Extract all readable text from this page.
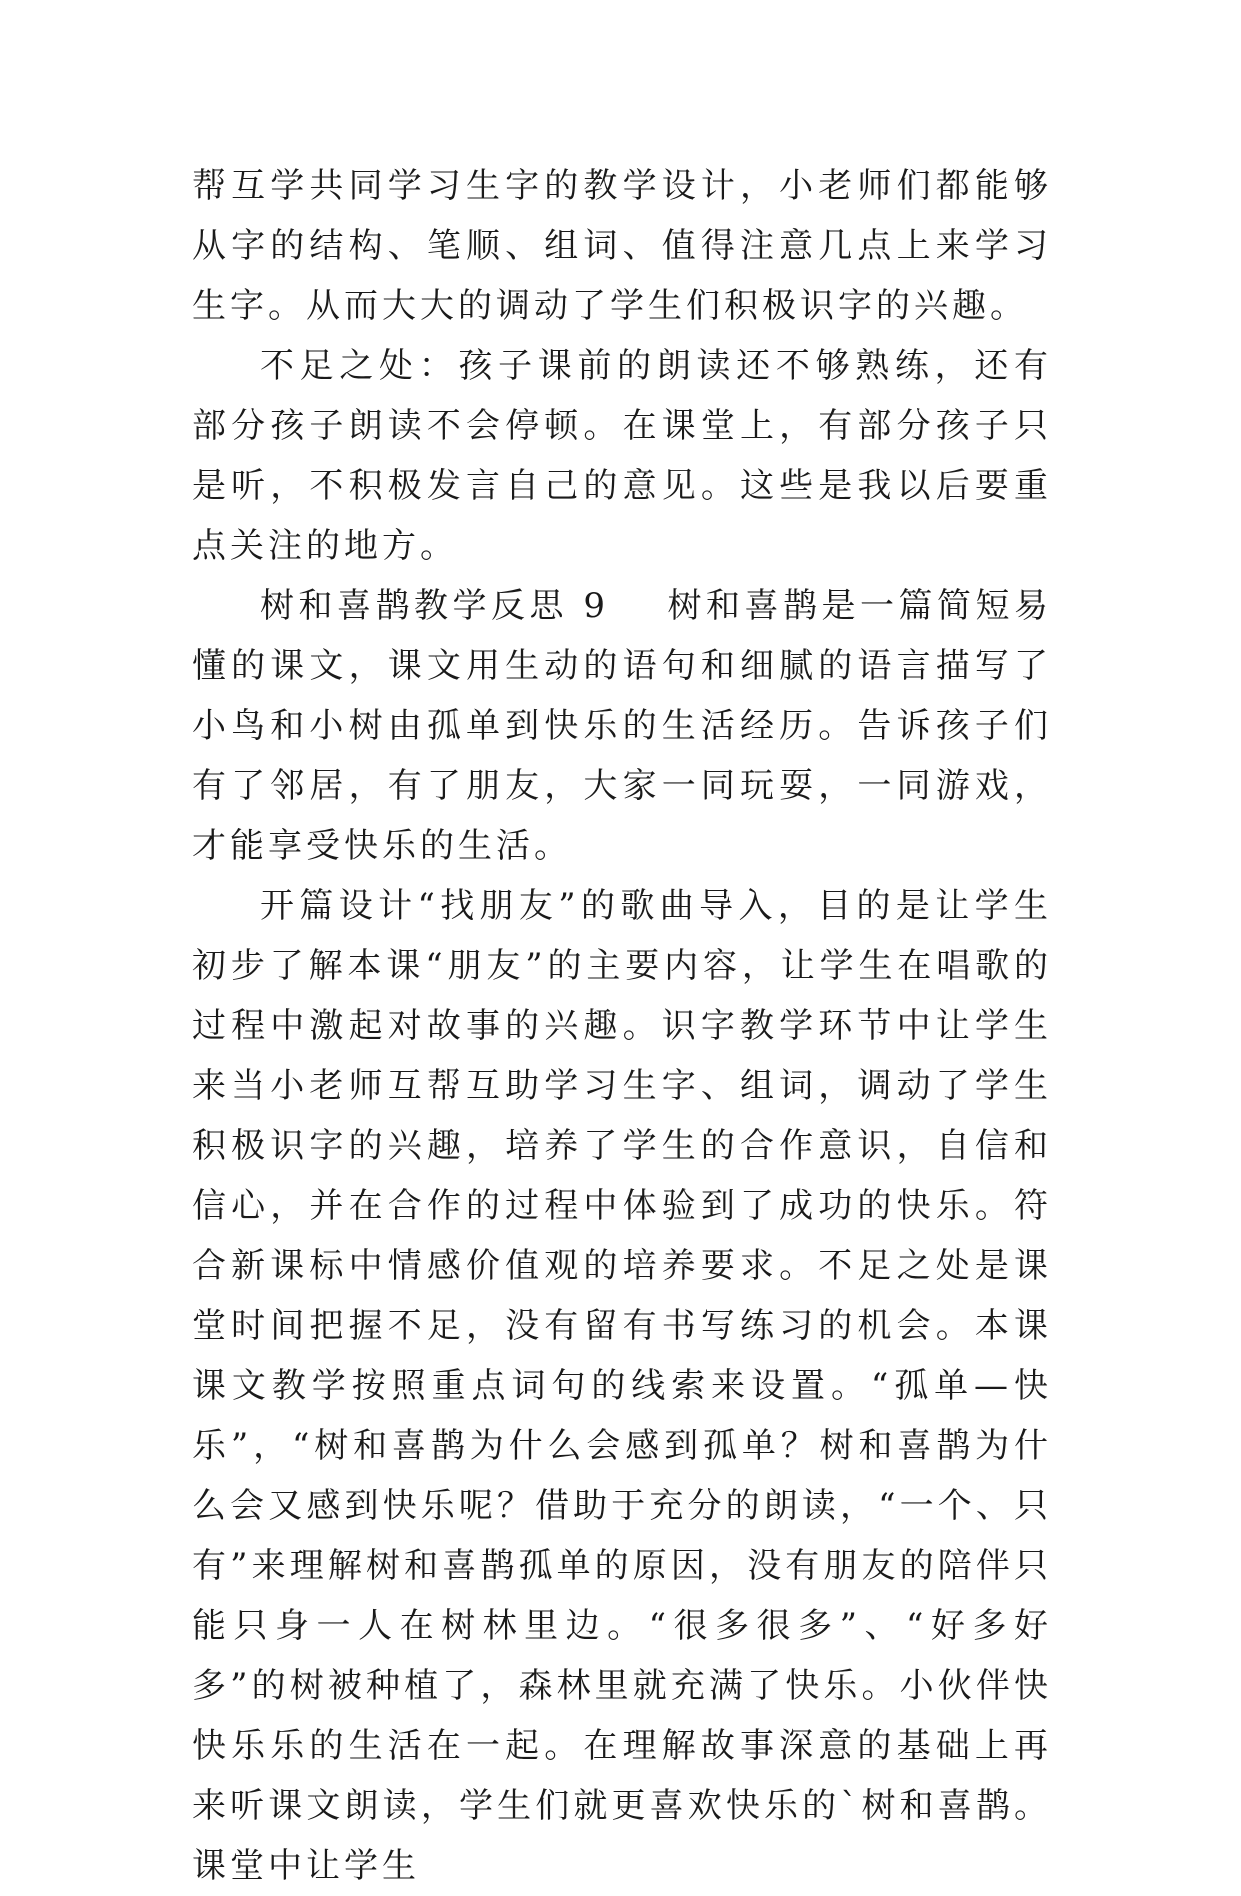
帮互学共同学习生字的教学设计，小老师们都能够从字的结构、笔顺、组词、值得注意几点上来学习生字。从而大大的调动了学生们积极识字的兴趣。

不足之处：孩子课前的朗读还不够熟练，还有部分孩子朗读不会停顿。在课堂上，有部分孩子只是听，不积极发言自己的意见。这些是我以后要重点关注的地方。

树和喜鹊教学反思 9 树和喜鹊是一篇简短易懂的课文，课文用生动的语句和细腻的语言描写了小鸟和小树由孤单到快乐的生活经历。告诉孩子们有了邻居，有了朋友，大家一同玩耍，一同游戏，才能享受快乐的生活。

开篇设计“找朋友”的歌曲导入，目的是让学生初步了解本课“朋友”的主要内容，让学生在唱歌的过程中激起对故事的兴趣。识字教学环节中让学生来当小老师互帮互助学习生字、组词，调动了学生积极识字的兴趣，培养了学生的合作意识，自信和信心，并在合作的过程中体验到了成功的快乐。符合新课标中情感价值观的培养要求。不足之处是课堂时间把握不足，没有留有书写练习的机会。本课课文教学按照重点词句的线索来设置。“孤单—快乐”，“树和喜鹊为什么会感到孤单？树和喜鹊为什么会又感到快乐呢？借助于充分的朗读，“一个、只有”来理解树和喜鹊孤单的原因，没有朋友的陪伴只能只身一人在树林里边。“很多很多”、“好多好多”的树被种植了，森林里就充满了快乐。小伙伴快快乐乐的生活在一起。在理解故事深意的基础上再来听课文朗读，学生们就更喜欢快乐的`树和喜鹊。课堂中让学生
